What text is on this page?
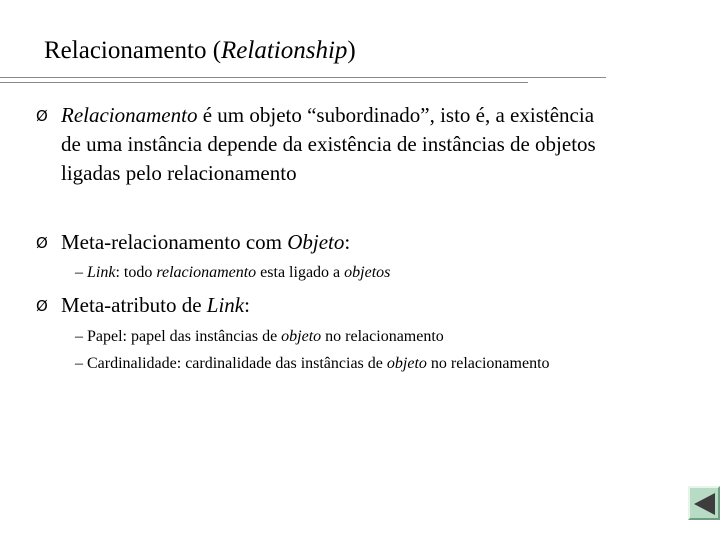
Relacionamento (Relationship)
Ø Relacionamento é um objeto “subordinado”, isto é, a existência
de uma instância depende da existência de instâncias de objetos
ligadas pelo relacionamento
Ø Meta-relacionamento com Objeto:
– Link: todo relacionamento esta ligado a objetos
Ø Meta-atributo de Link:
– Papel: papel das instâncias de objeto no relacionamento
– Cardinalidade: cardinalidade das instâncias de objeto no relacionamento
